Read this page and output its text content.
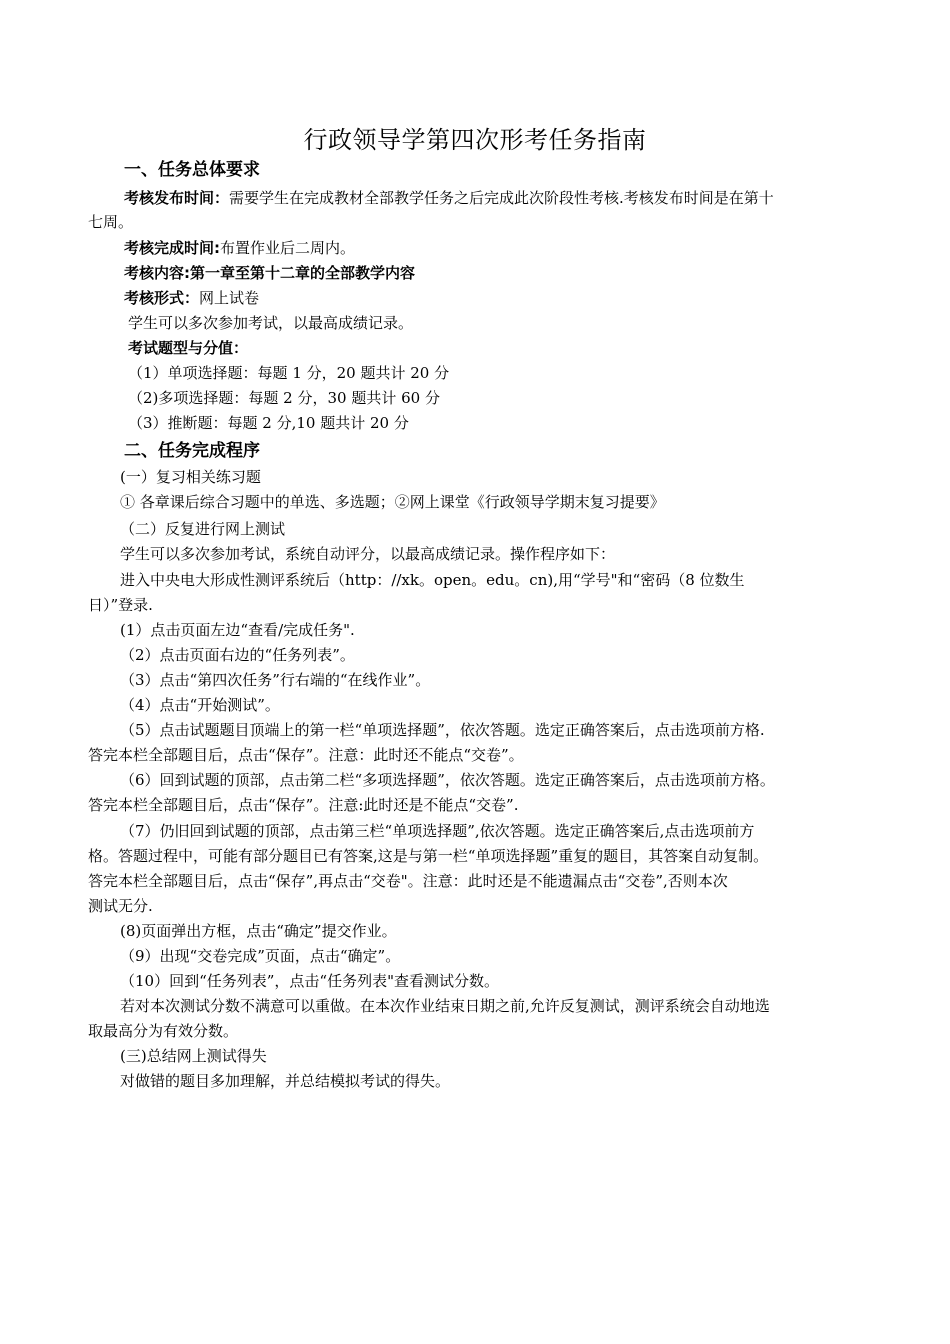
行政领导学第四次形考任务指南
一、任务总体要求
考核发布时间：需要学生在完成教材全部教学任务之后完成此次阶段性考核.考核发布时间是在第十
七周。
考核完成时间:布置作业后二周内。
考核内容:第一章至第十二章的全部教学内容
考核形式：网上试卷
学生可以多次参加考试，以最高成绩记录。
考试题型与分值：
（1）单项选择题：每题 1 分，20 题共计 20 分
（2)多项选择题：每题 2 分，30 题共计 60 分
（3）推断题：每题 2 分,10 题共计 20 分
二、任务完成程序
(一）复习相关练习题
① 各章课后综合习题中的单选、多选题；②网上课堂《行政领导学期末复习提要》
（二）反复进行网上测试
学生可以多次参加考试，系统自动评分，以最高成绩记录。操作程序如下：
进入中央电大形成性测评系统后（http：//xk。open。edu。cn),用“学号"和“密码（8 位数生
日）”登录.
(1）点击页面左边“查看/完成任务".
（2）点击页面右边的“任务列表”。
（3）点击“第四次任务”行右端的“在线作业”。
（4）点击“开始测试”。
（5）点击试题题目顶端上的第一栏“单项选择题”，依次答题。选定正确答案后，点击选项前方格.
答完本栏全部题目后，点击“保存”。注意：此时还不能点“交卷”。
（6）回到试题的顶部，点击第二栏“多项选择题”，依次答题。选定正确答案后，点击选项前方格。
答完本栏全部题目后，点击“保存”。注意:此时还是不能点“交卷”.
（7）仍旧回到试题的顶部，点击第三栏“单项选择题”,依次答题。选定正确答案后,点击选项前方
格。答题过程中，可能有部分题目已有答案,这是与第一栏“单项选择题”重复的题目，其答案自动复制。
答完本栏全部题目后，点击“保存”,再点击“交卷"。注意：此时还是不能遗漏点击“交卷”,否则本次
测试无分.
(8)页面弹出方框，点击“确定”提交作业。
（9）出现“交卷完成”页面，点击“确定”。
（10）回到“任务列表”，点击“任务列表"查看测试分数。
若对本次测试分数不满意可以重做。在本次作业结束日期之前,允许反复测试，测评系统会自动地选
取最高分为有效分数。
(三)总结网上测试得失
对做错的题目多加理解，并总结模拟考试的得失。
